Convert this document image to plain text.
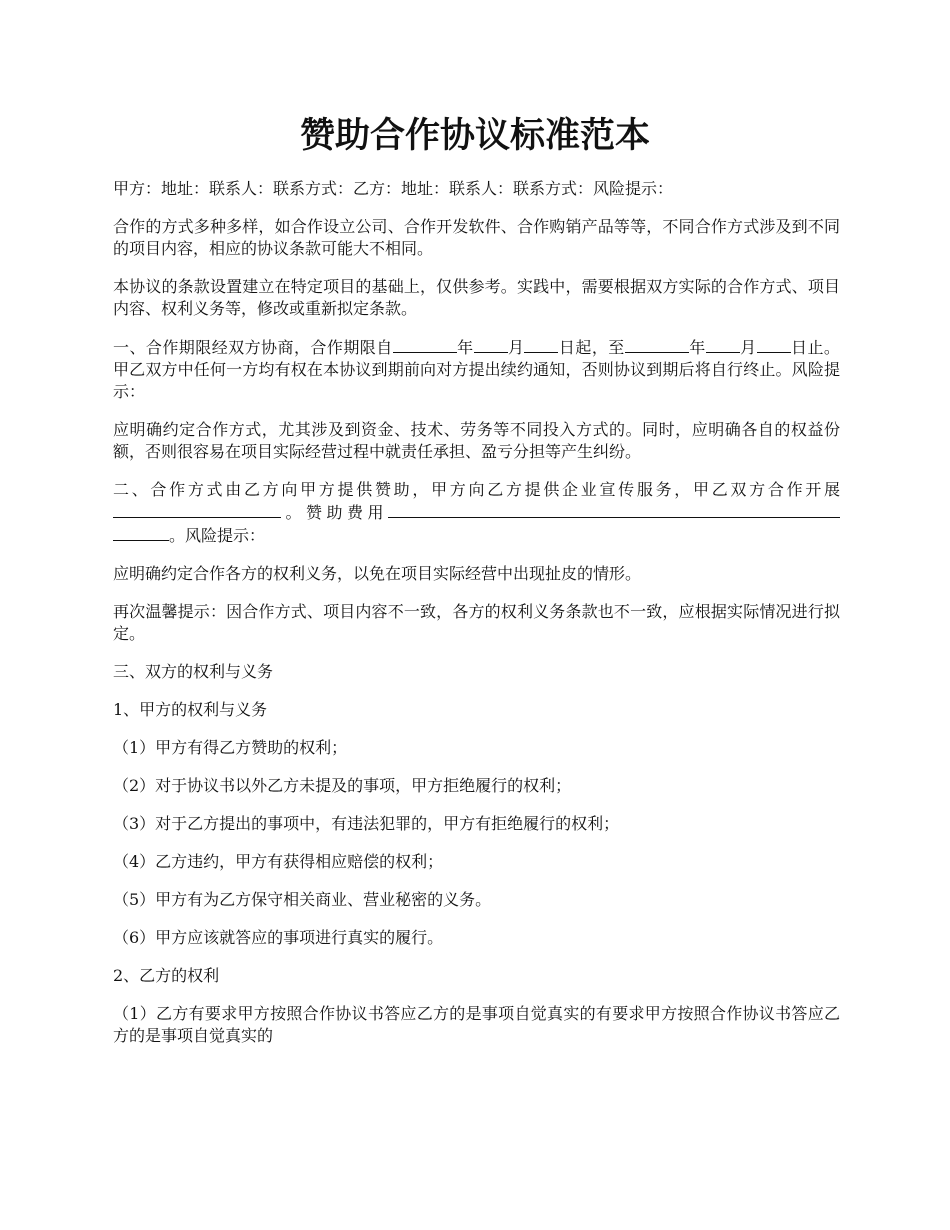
赞助合作协议标准范本

甲方：地址：联系人：联系方式：乙方：地址：联系人：联系方式：风险提示：

合作的方式多种多样，如合作设立公司、合作开发软件、合作购销产品等等，不同合作方式涉及到不同的项目内容，相应的协议条款可能大不相同。

本协议的条款设置建立在特定项目的基础上，仅供参考。实践中，需要根据双方实际的合作方式、项目内容、权利义务等，修改或重新拟定条款。

一、合作期限经双方协商，合作期限自	年 月 日起，至	年 月 日止。甲乙双方中任何一方均有权在本协议到期前向对方提出续约通知，否则协议到期后将自行终止。风险提示：

应明确约定合作方式，尤其涉及到资金、技术、劳务等不同投入方式的。同时，应明确各自的权益份额，否则很容易在项目实际经营过程中就责任承担、盈亏分担等产生纠纷。

二、合作方式由乙方向甲方提供赞助，甲方向乙方提供企业宣传服务，甲乙双方合作开展。赞助费用。风险提示：

应明确约定合作各方的权利义务，以免在项目实际经营中出现扯皮的情形。

再次温馨提示：因合作方式、项目内容不一致，各方的权利义务条款也不一致，应根据实际情况进行拟定。

三、双方的权利与义务

1、甲方的权利与义务

（1）甲方有得乙方赞助的权利；

（2）对于协议书以外乙方未提及的事项，甲方拒绝履行的权利；

（3）对于乙方提出的事项中，有违法犯罪的，甲方有拒绝履行的权利；

（4）乙方违约，甲方有获得相应赔偿的权利；

（5）甲方有为乙方保守相关商业、营业秘密的义务。

（6）甲方应该就答应的事项进行真实的履行。

2、乙方的权利

（1）乙方有要求甲方按照合作协议书答应乙方的是事项自觉真实的有要求甲方按照合作协议书答应乙方的是事项自觉真实的
